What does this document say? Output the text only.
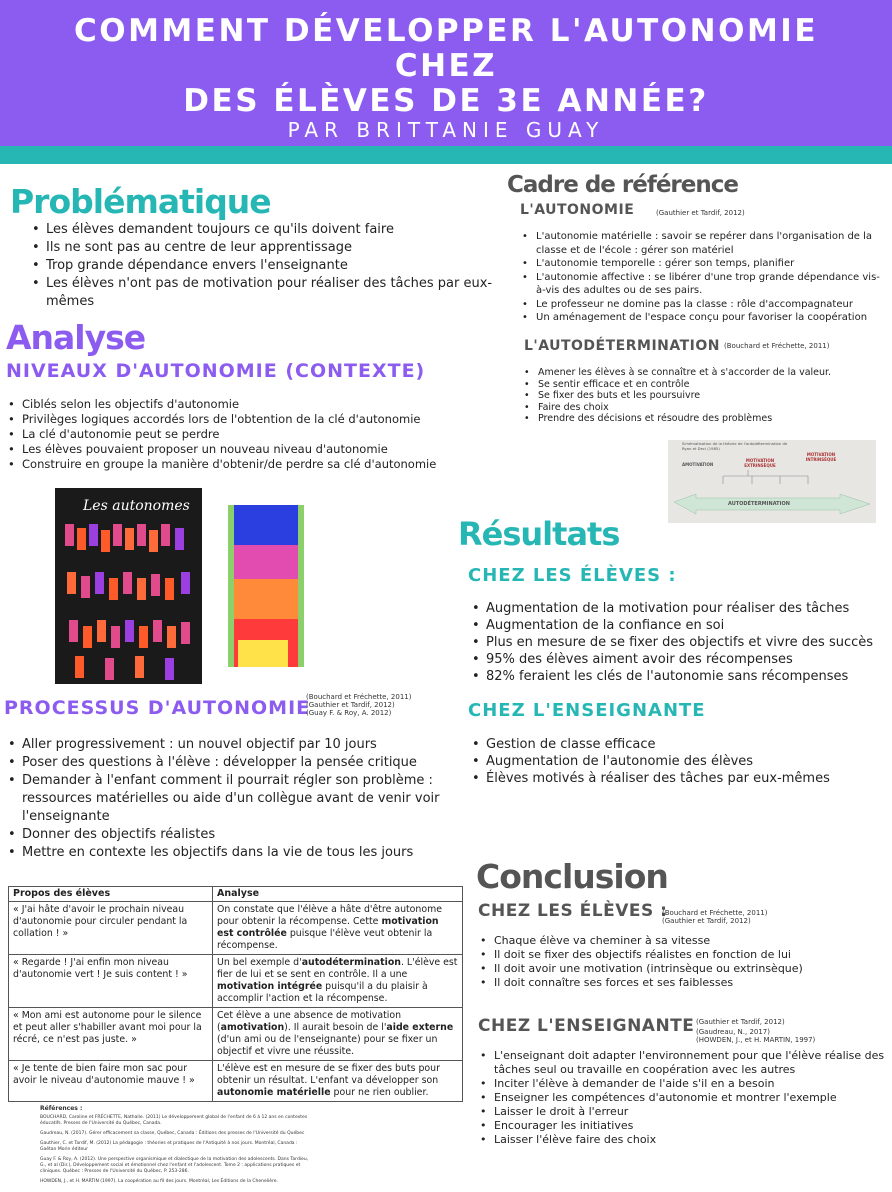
COMMENT DÉVELOPPER L'AUTONOMIE CHEZ
DES ÉLÈVES DE 3E ANNÉE?
PAR BRITTANIE GUAY
Problématique
• Les élèves demandent toujours ce qu'ils doivent faire
• Ils ne sont pas au centre de leur apprentissage
• Trop grande dépendance envers l'enseignante
• Les élèves n'ont pas de motivation pour réaliser des tâches par eux-mêmes
Cadre de référence
L'AUTONOMIE	(Gauthier et Tardif, 2012)
• L'autonomie matérielle : savoir se repérer dans l'organisation de la classe et de l'école : gérer son matériel
• L'autonomie temporelle : gérer son temps, planifier
• L'autonomie affective : se libérer d'une trop grande dépendance vis-à-vis des adultes ou de ses pairs.
• Le professeur ne domine pas la classe : rôle d'accompagnateur
• Un aménagement de l'espace conçu pour favoriser la coopération
L'AUTODÉTERMINATION (Bouchard et Fréchette, 2011)
• Amener les élèves à se connaître et à s'accorder de la valeur.
• Se sentir efficace et en contrôle
• Se fixer des buts et les poursuivre
• Faire des choix
• Prendre des décisions et résoudre des problèmes
Schématisation de la théorie de l'autodétermination de Ryan et Deci (1985)
AMOTIVATION
MOTIVATION EXTRINSÈQUE
MOTIVATION INTRINSÈQUE
AUTODÉTERMINATION
Analyse
NIVEAUX D'AUTONOMIE (CONTEXTE)
• Ciblés selon les objectifs d'autonomie
• Privilèges logiques accordés lors de l'obtention de la clé d'autonomie
• La clé d'autonomie peut se perdre
• Les élèves pouvaient proposer un nouveau niveau d'autonomie
• Construire en groupe la manière d'obtenir/de perdre sa clé d'autonomie
Les autonomes
PROCESSUS D'AUTONOMIE
(Bouchard et Fréchette, 2011)
(Gauthier et Tardif, 2012)
(Guay F. & Roy, A. 2012)
• Aller progressivement : un nouvel objectif par 10 jours
• Poser des questions à l'élève : développer la pensée critique
• Demander à l'enfant comment il pourrait régler son problème : ressources matérielles ou aide d'un collègue avant de venir voir l'enseignante
• Donner des objectifs réalistes
• Mettre en contexte les objectifs dans la vie de tous les jours
Propos des élèves	Analyse
« J'ai hâte d'avoir le prochain niveau d'autonomie pour circuler pendant la collation ! »	On constate que l'élève a hâte d'être autonome pour obtenir la récompense. Cette motivation est contrôlée puisque l'élève veut obtenir la récompense.
« Regarde ! J'ai enfin mon niveau d'autonomie vert ! Je suis content ! »	Un bel exemple d'autodétermination. L'élève est fier de lui et se sent en contrôle. Il a une motivation intégrée puisqu'il a du plaisir à accomplir l'action et la récompense.
« Mon ami est autonome pour le silence et peut aller s'habiller avant moi pour la récré, ce n'est pas juste. »	Cet élève a une absence de motivation (amotivation). Il aurait besoin de l'aide externe (d'un ami ou de l'enseignante) pour se fixer un objectif et vivre une réussite.
« Je tente de bien faire mon sac pour avoir le niveau d'autonomie mauve ! »	L'élève est en mesure de se fixer des buts pour obtenir un résultat. L'enfant va développer son autonomie matérielle pour ne rien oublier.
Références :

BOUCHARD, Caroline et FRÉCHETTE, Nathalie. (2011) Le développement global de l'enfant de 6 à 12 ans en contextes éducatifs. Presses de l'Université du Québec, Canada.

Gaudreau, N. (2017). Gérer efficacement sa classe, Québec, Canada : Éditions des presses de l'Université du Québec

Gauthier, C. et Tardif, M. (2012) La pédagogie : théories et pratiques de l'Antiquité à nos jours. Montréal, Canada : Gaëtan Morin éditeur

Guay F. & Roy, A. (2012). Une perspective organismique et dialectique de la motivation des adolescents. Dans Tardieu, G., et al (Dir.), Développement social et émotionnel chez l'enfant et l'adolescent. Tome 2 : applications pratiques et cliniques. Québec : Presses de l'Université du Québec, P. 253-286.

HOWDEN, J., et H. MARTIN (1997). La coopération au fil des jours. Montréal, Les Éditions de la Chenelière.

Résultats
CHEZ LES ÉLÈVES :
• Augmentation de la motivation pour réaliser des tâches
• Augmentation de la confiance en soi
• Plus en mesure de se fixer des objectifs et vivre des succès
• 95% des élèves aiment avoir des récompenses
• 82% feraient les clés de l'autonomie sans récompenses
CHEZ L'ENSEIGNANTE
• Gestion de classe efficace
• Augmentation de l'autonomie des élèves
• Élèves motivés à réaliser des tâches par eux-mêmes
Conclusion
CHEZ LES ÉLÈVES :
(Bouchard et Fréchette, 2011)
(Gauthier et Tardif, 2012)
• Chaque élève va cheminer à sa vitesse
• Il doit se fixer des objectifs réalistes en fonction de lui
• Il doit avoir une motivation (intrinsèque ou extrinsèque)
• Il doit connaître ses forces et ses faiblesses
CHEZ L'ENSEIGNANTE (Gauthier et Tardif, 2012)
(Gaudreau, N., 2017)
(HOWDEN, J., et H. MARTIN, 1997)
• L'enseignant doit adapter l'environnement pour que l'élève réalise des tâches seul ou travaille en coopération avec les autres
• Inciter l'élève à demander de l'aide s'il en a besoin
• Enseigner les compétences d'autonomie et montrer l'exemple
• Laisser le droit à l'erreur
• Encourager les initiatives
• Laisser l'élève faire des choix
